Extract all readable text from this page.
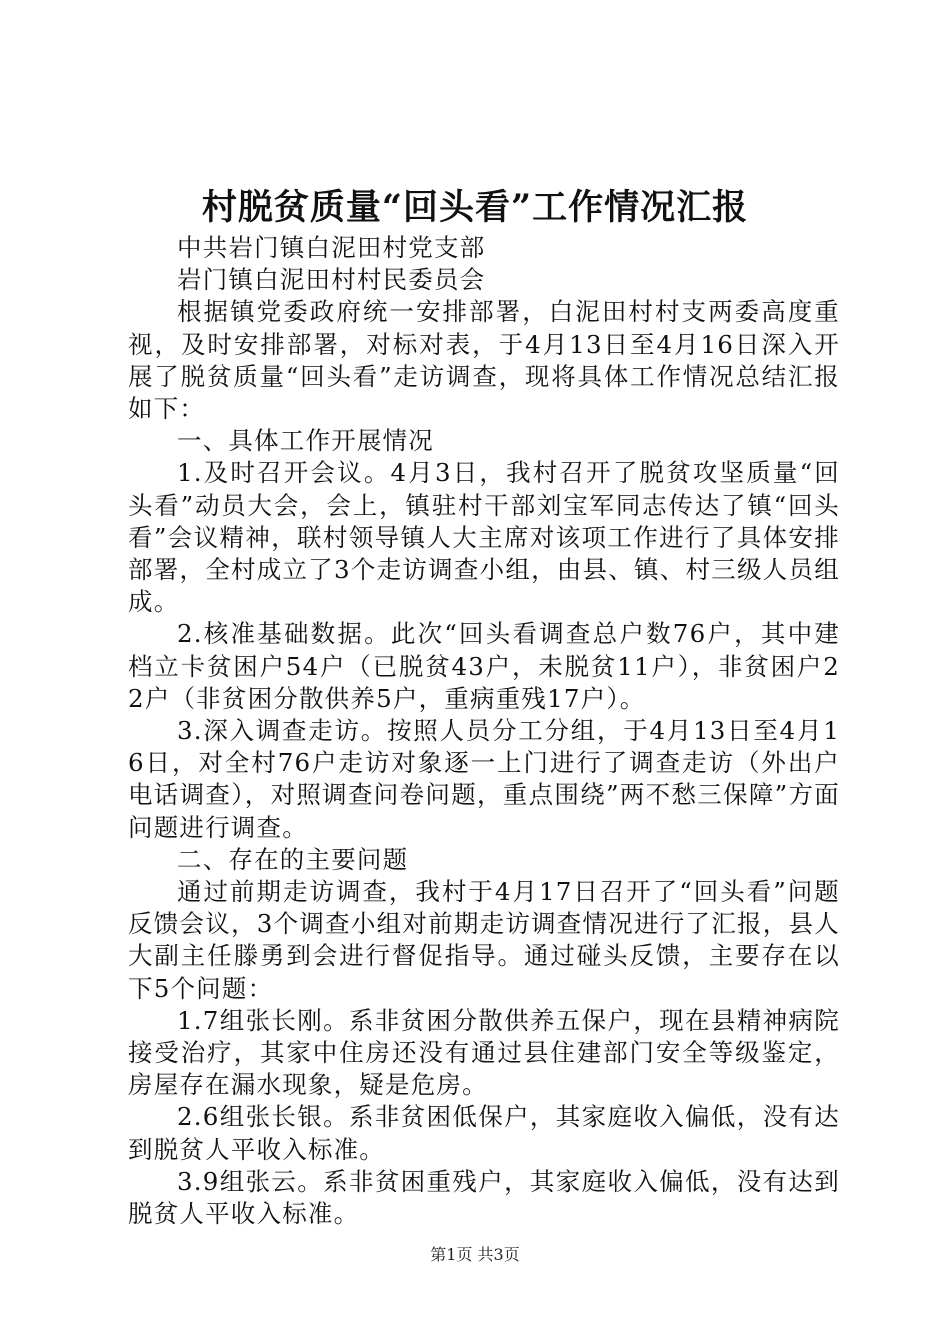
村脱贫质量“回头看”工作情况汇报

中共岩门镇白泥田村党支部

岩门镇白泥田村村民委员会

根据镇党委政府统一安排部署，白泥田村村支两委高度重视，及时安排部署，对标对表，于4月13日至4月16日深入开展了脱贫质量“回头看”走访调查，现将具体工作情况总结汇报如下：

一、具体工作开展情况

1.及时召开会议。4月3日，我村召开了脱贫攻坚质量“回头看”动员大会，会上，镇驻村干部刘宝军同志传达了镇“回头看”会议精神，联村领导镇人大主席对该项工作进行了具体安排部署，全村成立了3个走访调查小组，由县、镇、村三级人员组成。

2.核准基础数据。此次“回头看调查总户数76户，其中建档立卡贫困户54户（已脱贫43户，未脱贫11户），非贫困户22户（非贫困分散供养5户，重病重残17户）。

3.深入调查走访。按照人员分工分组，于4月13日至4月16日，对全村76户走访对象逐一上门进行了调查走访（外出户电话调查），对照调查问卷问题，重点围绕”两不愁三保障”方面问题进行调查。

二、存在的主要问题

通过前期走访调查，我村于4月17日召开了“回头看”问题反馈会议，3个调查小组对前期走访调查情况进行了汇报，县人大副主任滕勇到会进行督促指导。通过碰头反馈，主要存在以下5个问题：

1.7组张长刚。系非贫困分散供养五保户，现在县精神病院接受治疗，其家中住房还没有通过县住建部门安全等级鉴定，房屋存在漏水现象，疑是危房。

2.6组张长银。系非贫困低保户，其家庭收入偏低，没有达到脱贫人平收入标准。

3.9组张云。系非贫困重残户，其家庭收入偏低，没有达到脱贫人平收入标准。

第1页 共3页
